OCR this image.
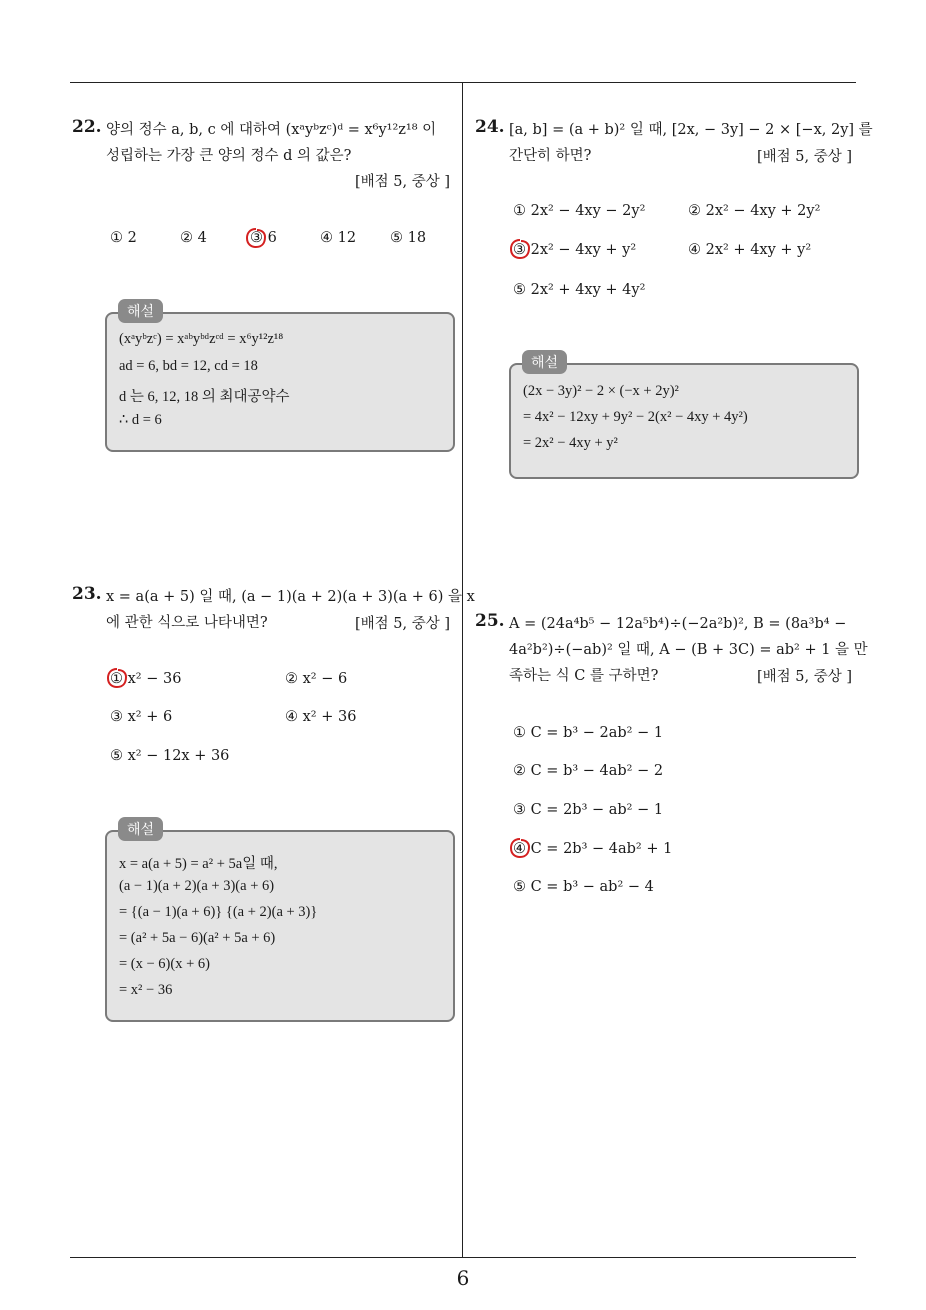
6
22. 양의 정수 a, b, c 에 대하여 (xᵃyᵇzᶜ)ᵈ = x⁶y¹²z¹⁸ 이
성립하는 가장 큰 양의 정수 d 의 값은?
[배점 5, 중상 ]
① 2	② 4	③ 6	④ 12 ⑤ 18
(xᵃyᵇzᶜ) = xᵃᵇyᵇᵈzᶜᵈ = x⁶y¹²z¹⁸
ad = 6, bd = 12, cd = 18
d 는 6, 12, 18 의 최대공약수
∴ d = 6
해설
23. x = a(a + 5) 일 때, (a − 1)(a + 2)(a + 3)(a + 6) 을 x
에 관한 식으로 나타내면?	[배점 5, 중상 ]
① x² − 36	② x² − 6
③ x² + 6	④ x² + 36
⑤ x² − 12x + 36
x = a(a + 5) = a² + 5a일 때,
(a − 1)(a + 2)(a + 3)(a + 6)
= {(a − 1)(a + 6)} {(a + 2)(a + 3)}
= (a² + 5a − 6)(a² + 5a + 6)
= (x − 6)(x + 6)
= x² − 36
해설
24. [a, b] = (a + b)² 일 때, [2x, − 3y] − 2 × [−x, 2y] 를
간단히 하면?	[배점 5, 중상 ]
① 2x² − 4xy − 2y²	② 2x² − 4xy + 2y²
③ 2x² − 4xy + y²	④ 2x² + 4xy + y²
⑤ 2x² + 4xy + 4y²
(2x − 3y)² − 2 × (−x + 2y)²
= 4x² − 12xy + 9y² − 2(x² − 4xy + 4y²)
= 2x² − 4xy + y²
해설
25. A = (24a⁴b⁵ − 12a⁵b⁴)÷(−2a²b)², B = (8a³b⁴ −
4a²b²)÷(−ab)² 일 때, A − (B + 3C) = ab² + 1 을 만
족하는 식 C 를 구하면?	[배점 5, 중상 ]
① C = b³ − 2ab² − 1
② C = b³ − 4ab² − 2
③ C = 2b³ − ab² − 1
④ C = 2b³ − 4ab² + 1
⑤ C = b³ − ab² − 4
